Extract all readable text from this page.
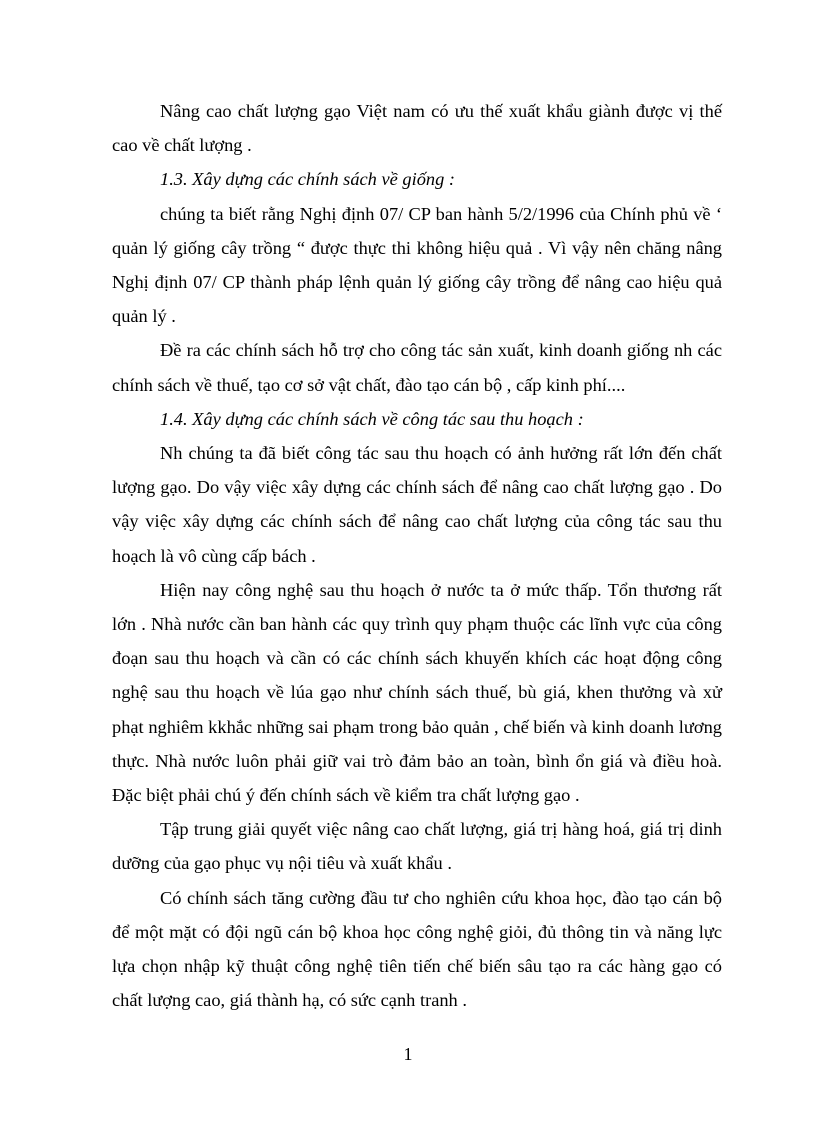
Nâng cao chất lượng gạo Việt nam có ưu thế xuất khẩu giành được vị thế cao về chất lượng .

1.3. Xây dựng các chính sách về giống :

chúng ta biết rằng Nghị định 07/ CP ban hành 5/2/1996 của Chính phủ về ‘ quản lý giống cây trồng “ được thực thi không hiệu quả . Vì vậy nên chăng nâng Nghị định 07/ CP thành pháp lệnh quản lý giống cây trồng để nâng cao hiệu quả quản lý .

Đề ra các chính sách hỗ trợ cho công tác sản xuất, kinh doanh giống nh các chính sách về thuế, tạo cơ sở vật chất, đào tạo cán bộ , cấp kinh phí....

1.4. Xây dựng các chính sách về công tác sau thu hoạch :

Nh chúng ta đã biết công tác sau thu hoạch có ảnh hưởng rất lớn đến chất lượng gạo. Do vậy việc xây dựng các chính sách để nâng cao chất lượng gạo . Do vậy việc xây dựng các chính sách để nâng cao chất lượng của công tác sau thu hoạch là vô cùng cấp bách .

Hiện nay công nghệ sau thu hoạch ở nước ta ở mức thấp. Tổn thương rất lớn . Nhà nước cần ban hành các quy trình quy phạm thuộc các lĩnh vực của công đoạn sau thu hoạch và cần có các chính sách khuyến khích các hoạt động công nghệ sau thu hoạch về lúa gạo như chính sách thuế, bù giá, khen thưởng và xử phạt nghiêm kkhắc những sai phạm trong bảo quản , chế biến và kinh doanh lương thực. Nhà nước luôn phải giữ vai trò đảm bảo an toàn, bình ổn giá và điều hoà. Đặc biệt phải chú ý đến chính sách về kiểm tra chất lượng gạo .

Tập trung giải quyết việc nâng cao chất lượng, giá trị hàng hoá, giá trị dinh dưỡng của gạo phục vụ nội tiêu và xuất khẩu .

Có chính sách tăng cường đầu tư cho nghiên cứu khoa học, đào tạo cán bộ để một mặt có đội ngũ cán bộ khoa học công nghệ giỏi, đủ thông tin và năng lực lựa chọn nhập kỹ thuật công nghệ tiên tiến chế biến sâu tạo ra các hàng gạo có chất lượng cao, giá thành hạ, có sức cạnh tranh .

1
